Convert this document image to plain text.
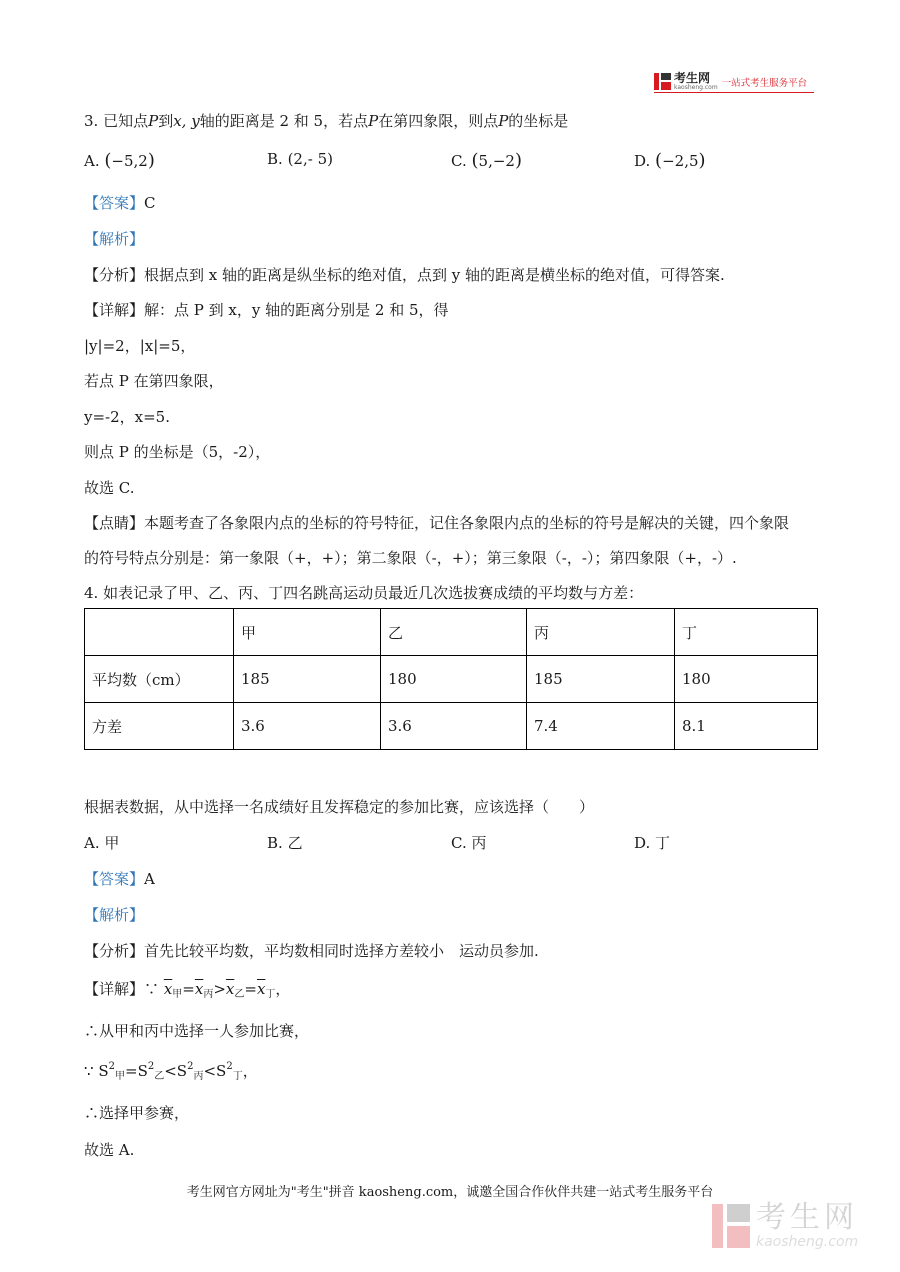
考生网
kaosheng.com 一站式考生服务平台
3. 已知点P到x, y轴的距离是 2 和 5，若点P在第四象限，则点P的坐标是
A. (−5,2)	B. (2,- 5)	C. (5,−2)	D. (−2,5)
【答案】C
【解析】
【分析】根据点到 x 轴的距离是纵坐标的绝对值，点到 y 轴的距离是横坐标的绝对值，可得答案.
【详解】解：点 P 到 x，y 轴的距离分别是 2 和 5，得
|y|=2，|x|=5，
若点 P 在第四象限，
y=-2，x=5.
则点 P 的坐标是（5，-2），
故选 C.
【点睛】本题考查了各象限内点的坐标的符号特征，记住各象限内点的坐标的符号是解决的关键，四个象限
的符号特点分别是：第一象限（+，+）；第二象限（-，+）；第三象限（-，-）；第四象限（+，-）.
4. 如表记录了甲、乙、丙、丁四名跳高运动员最近几次选拔赛成绩的平均数与方差：
	甲	乙	丙	丁
平均数（cm）	185	180	185	180
方差	3.6	3.6	7.4	8.1
根据表数据，从中选择一名成绩好且发挥稳定的参加比赛，应该选择（　　）
A. 甲	B. 乙	C. 丙	D. 丁
【答案】A
【解析】
【分析】首先比较平均数，平均数相同时选择方差较小　运动员参加.
【详解】∵ $\overline{x}_甲=\overline{x}_丙>\overline{x}_乙=\overline{x}_丁$，
∴从甲和丙中选择一人参加比赛，
∵ $S^2_甲=S^2_乙<S^2_丙<S^2_丁$，
∴选择甲参赛，
故选 A.
考生网官方网址为"考生"拼音 kaosheng.com，诚邀全国合作伙伴共建一站式考生服务平台
考生网
kaosheng.com
